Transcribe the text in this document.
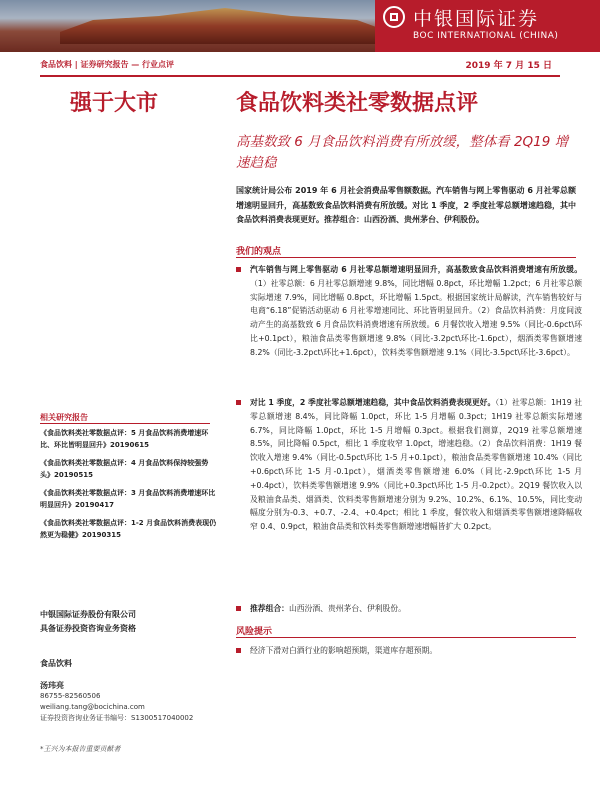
中银国际证券
BOC INTERNATIONAL (CHINA)
食品饮料 | 证券研究报告 — 行业点评	2019 年 7 月 15 日
强于大市	食品饮料类社零数据点评
高基数致 6 月食品饮料消费有所放缓，整体看 2Q19 增速趋稳
国家统计局公布 2019 年 6 月社会消费品零售额数据。汽车销售与网上零售驱动 6 月社零总额增速明显回升，高基数致食品饮料消费有所放缓。对比 1 季度，2 季度社零总额增速趋稳，其中食品饮料消费表现更好。推荐组合：山西汾酒、贵州茅台、伊利股份。
我们的观点
汽车销售与网上零售驱动 6 月社零总额增速明显回升，高基数致食品饮料消费增速有所放缓。（1）社零总额：6 月社零总额增速 9.8%，同比增幅 0.8pct，环比增幅 1.2pct；6 月社零总额实际增速 7.9%，同比增幅 0.8pct，环比增幅 1.5pct。根据国家统计局解读，汽车销售较好与电商“6.18”促销活动驱动 6 月社零增速同比、环比皆明显回升。（2）食品饮料消费：月度间波动产生的高基数致 6 月食品饮料消费增速有所放缓。6 月餐饮收入增速 9.5%（同比-0.6pct\环比+0.1pct），粮油食品类零售额增速 9.8%（同比-3.2pct\环比-1.6pct），烟酒类零售额增速 8.2%（同比-3.2pct\环比+1.6pct），饮料类零售额增速 9.1%（同比-3.5pct\环比-3.6pct）。
对比 1 季度，2 季度社零总额增速趋稳，其中食品饮料消费表现更好。（1）社零总额：1H19 社零总额增速 8.4%，同比降幅 1.0pct，环比 1-5 月增幅 0.3pct；1H19 社零总额实际增速 6.7%，同比降幅 1.0pct，环比 1-5 月增幅 0.3pct。根据我们测算，2Q19 社零总额增速 8.5%，同比降幅 0.5pct，相比 1 季度收窄 1.0pct，增速趋稳。（2）食品饮料消费：1H19 餐饮收入增速 9.4%（同比-0.5pct\环比 1-5 月+0.1pct），粮油食品类零售额增速 10.4%（同比+0.6pct\环比 1-5 月-0.1pct），烟酒类零售额增速 6.0%（同比-2.9pct\环比 1-5 月+0.4pct），饮料类零售额增速 9.9%（同比+0.3pct\环比 1-5 月-0.2pct）。2Q19 餐饮收入以及粮油食品类、烟酒类、饮料类零售额增速分别为 9.2%、10.2%、6.1%、10.5%，同比变动幅度分别为-0.3、+0.7、-2.4、+0.4pct；相比 1 季度，餐饮收入和烟酒类零售额增速降幅收窄 0.4、0.9pct，粮油食品类和饮料类零售额增速增幅皆扩大 0.2pct。
推荐组合：山西汾酒、贵州茅台、伊利股份。
风险提示
经济下滑对白酒行业的影响超预期，渠道库存超预期。
相关研究报告
《食品饮料类社零数据点评：5 月食品饮料消费增速环比、环比皆明显回升》20190615
《食品饮料类社零数据点评：4 月食品饮料保持较强势头》20190515
《食品饮料类社零数据点评：3 月食品饮料消费增速环比明显回升》20190417
《食品饮料类社零数据点评：1-2 月食品饮料消费表现仍然更为稳健》20190315
中银国际证券股份有限公司
具备证券投资咨询业务资格
食品饮料
汤玮亮
86755-82560506
weiliang.tang@bocichina.com
证券投资咨询业务证书编号：S1300517040002
*王兴为本报告重要贡献者
